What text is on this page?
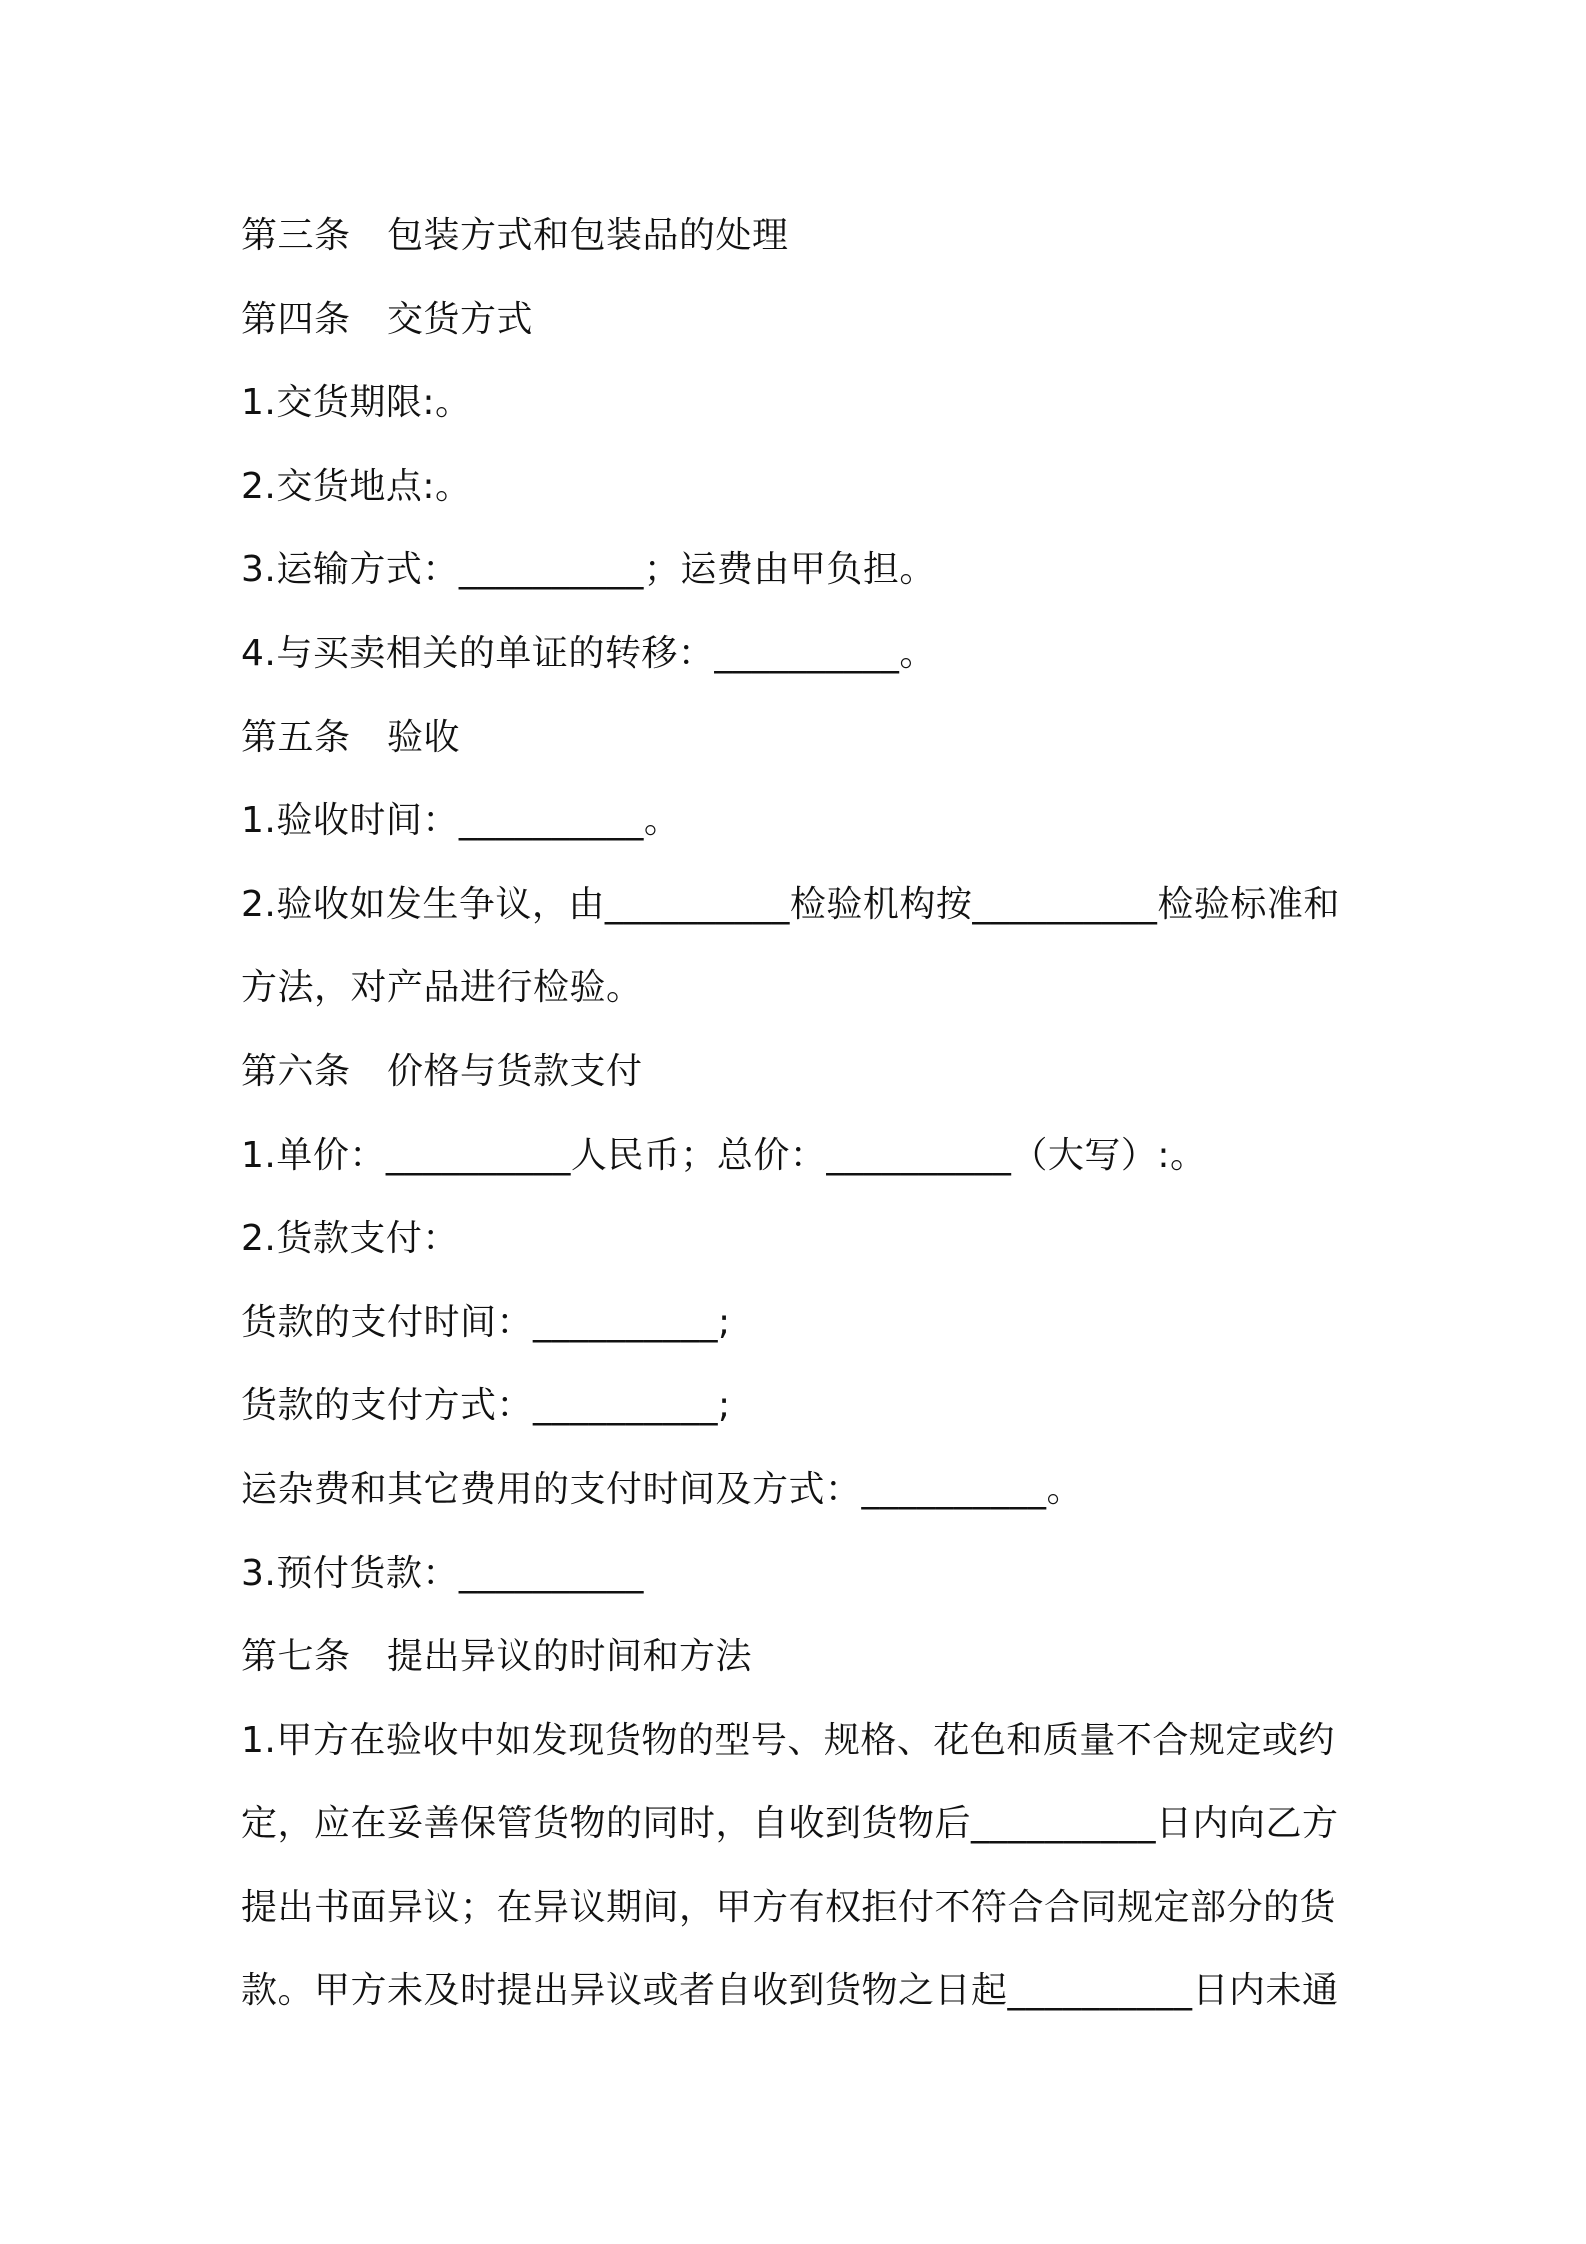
第三条　包装方式和包装品的处理
第四条　交货方式
1.交货期限:。
2.交货地点:。
3.运输方式：__________；运费由甲负担。
4.与买卖相关的单证的转移：__________。
第五条　验收
1.验收时间：__________。
2.验收如发生争议，由__________检验机构按__________检验标准和
方法，对产品进行检验。
第六条　价格与货款支付
1.单价：__________人民币；总价：__________（大写）:。
2.货款支付：
货款的支付时间：__________;
货款的支付方式：__________;
运杂费和其它费用的支付时间及方式：__________。
3.预付货款：__________
第七条　提出异议的时间和方法
1.甲方在验收中如发现货物的型号、规格、花色和质量不合规定或约
定，应在妥善保管货物的同时，自收到货物后__________日内向乙方
提出书面异议；在异议期间，甲方有权拒付不符合合同规定部分的货
款。甲方未及时提出异议或者自收到货物之日起__________日内未通
